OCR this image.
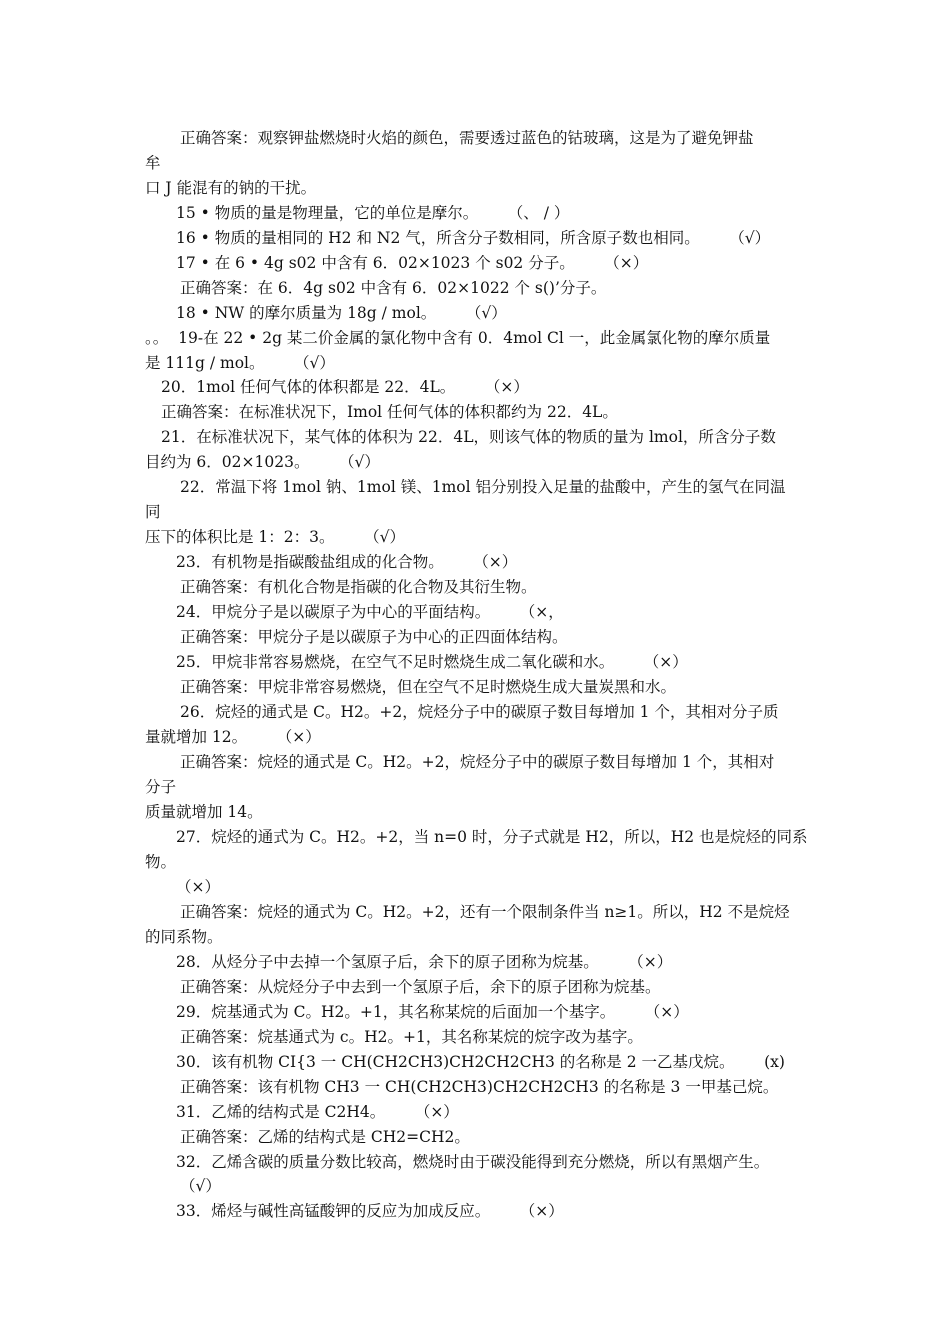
正确答案：观察钾盐燃烧时火焰的颜色，需要透过蓝色的钴玻璃，这是为了避免钾盐
牟
口 J 能混有的钠的干扰。
15 • 物质的量是物理量，它的单位是摩尔。      （、 / ）
16 • 物质的量相同的 H2 和 N2 气，所含分子数相同，所含原子数也相同。      （√）
17 • 在 6 • 4g s02 中含有 6．02×1023 个 s02 分子。      （×）
正确答案：在 6．4g s02 中含有 6．02×1022 个 s()’分子。
18 • NW 的摩尔质量为 18g / mol。      （√）
。。  19-在 22 • 2g 某二价金属的氯化物中含有 0．4mol Cl 一，此金属氯化物的摩尔质量
是 111g / mol。      （√）
20．1mol 任何气体的体积都是 22．4L。      （×）
正确答案：在标准状况下，Imol 任何气体的体积都约为 22．4L。
21．在标准状况下，某气体的体积为 22．4L，则该气体的物质的量为 lmol，所含分子数
目约为 6．02×1023。      （√）
22．常温下将 1mol 钠、1mol 镁、1mol 铝分别投入足量的盐酸中，产生的氢气在同温
同
压下的体积比是 1：2：3。      （√）
23．有机物是指碳酸盐组成的化合物。      （×）
正确答案：有机化合物是指碳的化合物及其衍生物。
24．甲烷分子是以碳原子为中心的平面结构。      （×，
正确答案：甲烷分子是以碳原子为中心的正四面体结构。
25．甲烷非常容易燃烧，在空气不足时燃烧生成二氧化碳和水。      （×）
正确答案：甲烷非常容易燃烧，但在空气不足时燃烧生成大量炭黑和水。
26．烷烃的通式是 C。H2。+2，烷烃分子中的碳原子数目每增加 1 个，其相对分子质
量就增加 12。      （×）
正确答案：烷烃的通式是 C。H2。+2，烷烃分子中的碳原子数目每增加 1 个，其相对
分子
质量就增加 14。
27．烷烃的通式为 C。H2。+2，当 n=0 时，分子式就是 H2，所以，H2 也是烷烃的同系
物。
（×）
正确答案：烷烃的通式为 C。H2。+2，还有一个限制条件当 n≥1。所以，H2 不是烷烃
的同系物。
28．从烃分子中去掉一个氢原子后，余下的原子团称为烷基。      （×）
正确答案：从烷烃分子中去到一个氢原子后，余下的原子团称为烷基。
29．烷基通式为 C。H2。+1，其名称某烷的后面加一个基字。      （×）
正确答案：烷基通式为 c。H2。+1，其名称某烷的烷字改为基字。
30．该有机物 CI{3 一 CH(CH2CH3)CH2CH2CH3 的名称是 2 一乙基戊烷。      (x)
正确答案：该有机物 CH3 一 CH(CH2CH3)CH2CH2CH3 的名称是 3 一甲基己烷。
31．乙烯的结构式是 C2H4。      （×）
正确答案：乙烯的结构式是 CH2=CH2。
32．乙烯含碳的质量分数比较高，燃烧时由于碳没能得到充分燃烧，所以有黑烟产生。
（√）
33．烯烃与碱性高锰酸钾的反应为加成反应。      （×）
